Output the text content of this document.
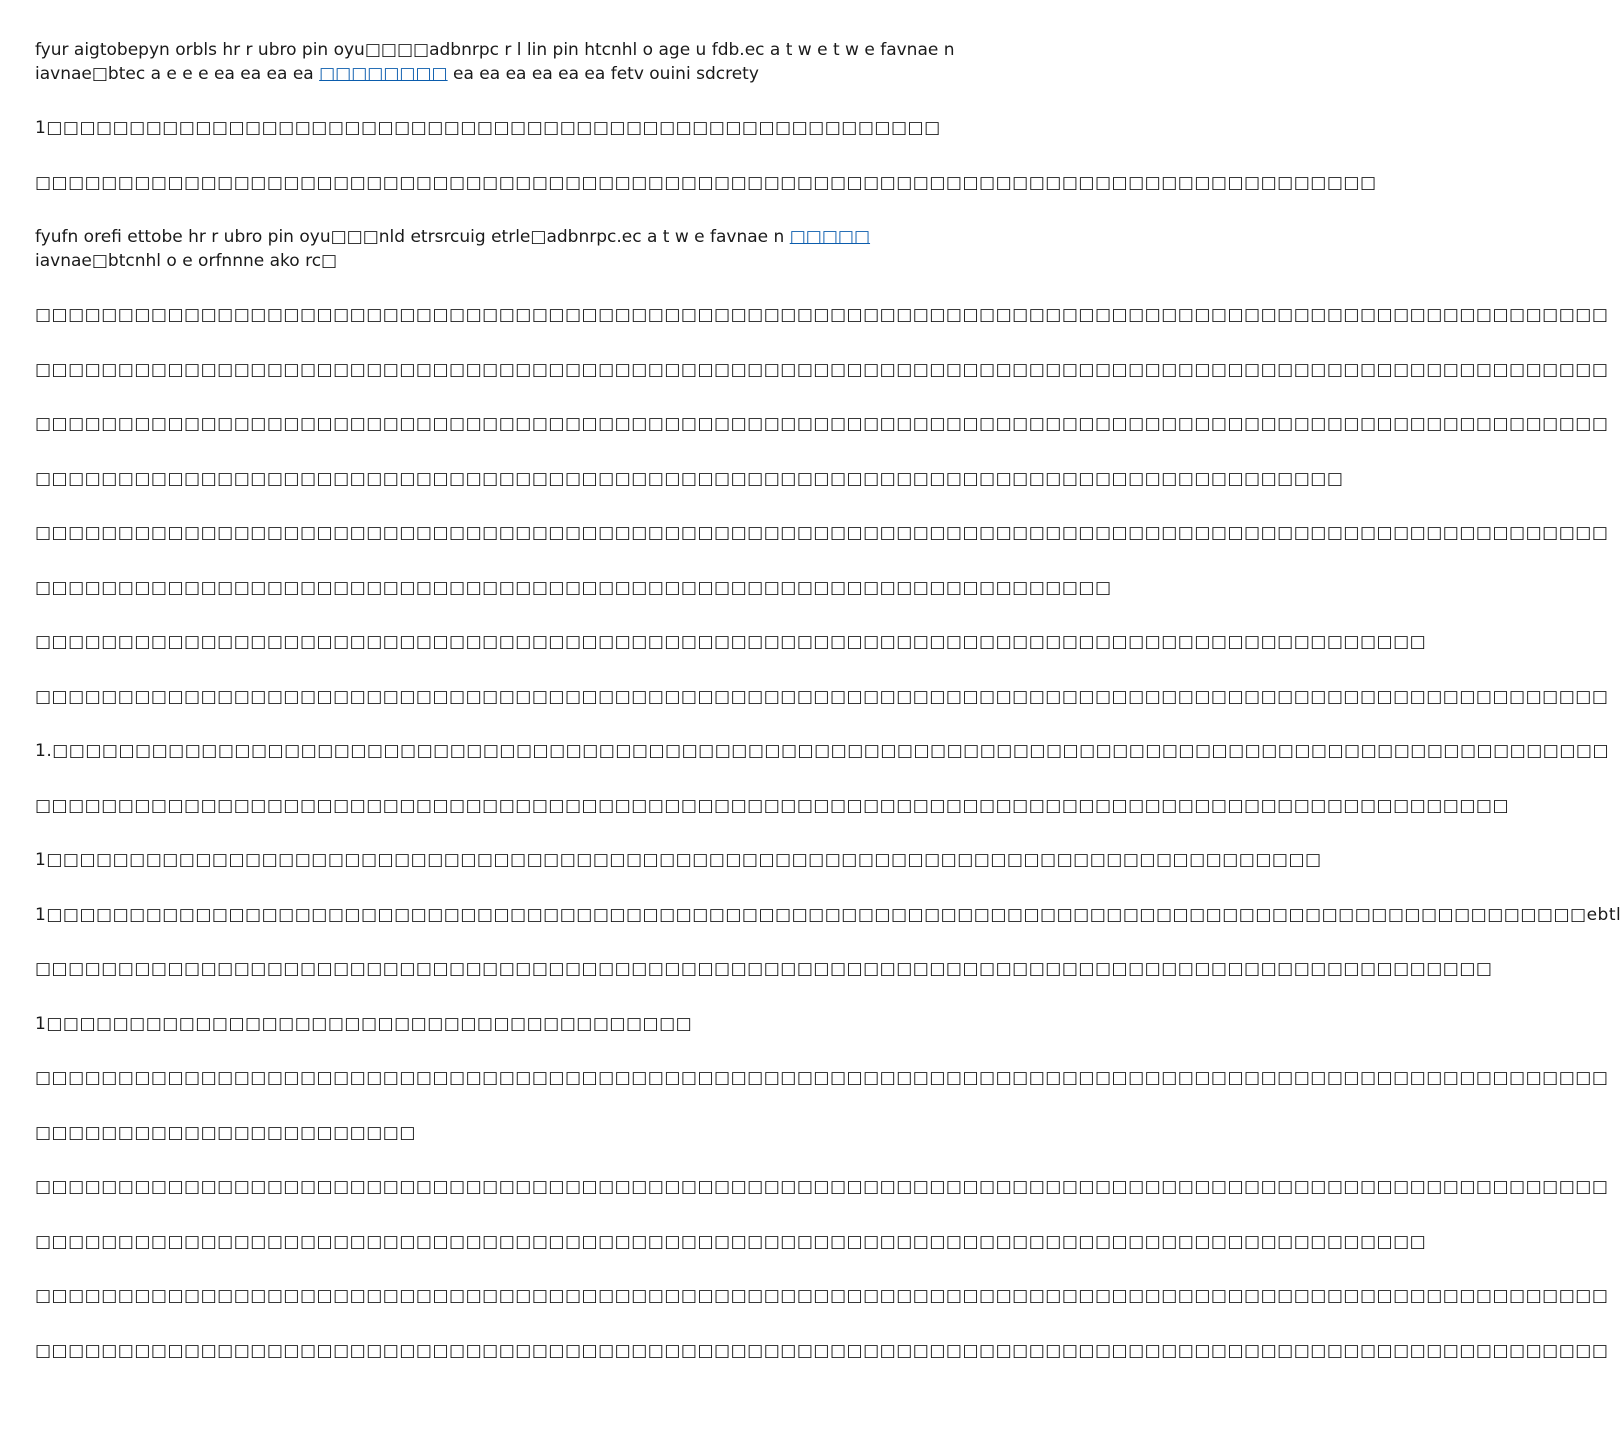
fyur aigtobepyn orbls hr r ubro pin oyu□□□□adbnrpc r l lin pin htcnhl o age u fdb.ec a t w e t w e favnae n iavnae□btec a e e e ea ea ea ea □□□□□□□□ ea ea ea ea ea ea fetv ouini sdcrety

1□□□□□□□□□□□□□□□□□□□□□□□□□□□□□□□□□□□□□□□□□□□□□□□□□□□□□□

□□□□□□□□□□□□□□□□□□□□□□□□□□□□□□□□□□□□□□□□□□□□□□□□□□□□□□□□□□□□□□□□□□□□□□□□□□□□□□□□□

fyufn orefi ettobe hr r ubro pin oyu□□□nld etrsrcuig etrle□adbnrpc.ec a t w e favnae n □□□□□ iavnae□btcnhl o e orfnnne ako rc□

□□□□□□□□□□□□□□□□□□□□□□□□□□□□□□□□□□□□□□□□□□□□□□□□□□□□□□□□□□□□□□□□□□□□□□□□□□□□□□□□□□□□□□□□□□□□□□□

□□□□□□□□□□□□□□□□□□□□□□□□□□□□□□□□□□□□□□□□□□□□□□□□□□□□□□□□□□□□□□□□□□□□□□□□□□□□□□□□□□□□□□□□□□□□□□□

□□□□□□□□□□□□□□□□□□□□□□□□□□□□□□□□□□□□□□□□□□□□□□□□□□□□□□□□□□□□□□□□□□□□□□□□□□□□□□□□□□□□□□□□□□□□□□□

□□□□□□□□□□□□□□□□□□□□□□□□□□□□□□□□□□□□□□□□□□□□□□□□□□□□□□□□□□□□□□□□□□□□□□□□□□□□□□□

□□□□□□□□□□□□□□□□□□□□□□□□□□□□□□□□□□□□□□□□□□□□□□□□□□□□□□□□□□□□□□□□□□□□□□□□□□□□□□□□□□□□□□□□□□□□□□□

□□□□□□□□□□□□□□□□□□□□□□□□□□□□□□□□□□□□□□□□□□□□□□□□□□□□□□□□□□□□□□□□□

□□□□□□□□□□□□□□□□□□□□□□□□□□□□□□□□□□□□□□□□□□□□□□□□□□□□□□□□□□□□□□□□□□□□□□□□□□□□□□□□□□□□

□□□□□□□□□□□□□□□□□□□□□□□□□□□□□□□□□□□□□□□□□□□□□□□□□□□□□□□□□□□□□□□□□□□□□□□□□□□□□□□□□□□□□□□□□□□□□□□

1.□□□□□□□□□□□□□□□□□□□□□□□□□□□□□□□□□□□□□□□□□□□□□□□□□□□□□□□□□□□□□□□□□□□□□□□□□□□□□□□□□□□□□□□□□□□□□□

□□□□□□□□□□□□□□□□□□□□□□□□□□□□□□□□□□□□□□□□□□□□□□□□□□□□□□□□□□□□□□□□□□□□□□□□□□□□□□□□□□□□□□□□□

1□□□□□□□□□□□□□□□□□□□□□□□□□□□□□□□□□□□□□□□□□□□□□□□□□□□□□□□□□□□□□□□□□□□□□□□□□□□□□

1□□□□□□□□□□□□□□□□□□□□□□□□□□□□□□□□□□□□□□□□□□□□□□□□□□□□□□□□□□□□□□□□□□□□□□□□□□□□□□□□□□□□□□□□□□□□□ebtl

□□□□□□□□□□□□□□□□□□□□□□□□□□□□□□□□□□□□□□□□□□□□□□□□□□□□□□□□□□□□□□□□□□□□□□□□□□□□□□□□□□□□□□□□

1□□□□□□□□□□□□□□□□□□□□□□□□□□□□□□□□□□□□□□□

□□□□□□□□□□□□□□□□□□□□□□□□□□□□□□□□□□□□□□□□□□□□□□□□□□□□□□□□□□□□□□□□□□□□□□□□□□□□□□□□□□□□□□□□□□□□□□□

□□□□□□□□□□□□□□□□□□□□□□□

□□□□□□□□□□□□□□□□□□□□□□□□□□□□□□□□□□□□□□□□□□□□□□□□□□□□□□□□□□□□□□□□□□□□□□□□□□□□□□□□□□□□□□□□□□□□□□□

□□□□□□□□□□□□□□□□□□□□□□□□□□□□□□□□□□□□□□□□□□□□□□□□□□□□□□□□□□□□□□□□□□□□□□□□□□□□□□□□□□□□

□□□□□□□□□□□□□□□□□□□□□□□□□□□□□□□□□□□□□□□□□□□□□□□□□□□□□□□□□□□□□□□□□□□□□□□□□□□□□□□□□□□□□□□□□□□□□□□

□□□□□□□□□□□□□□□□□□□□□□□□□□□□□□□□□□□□□□□□□□□□□□□□□□□□□□□□□□□□□□□□□□□□□□□□□□□□□□□□□□□□□□□□□□□□□□□
